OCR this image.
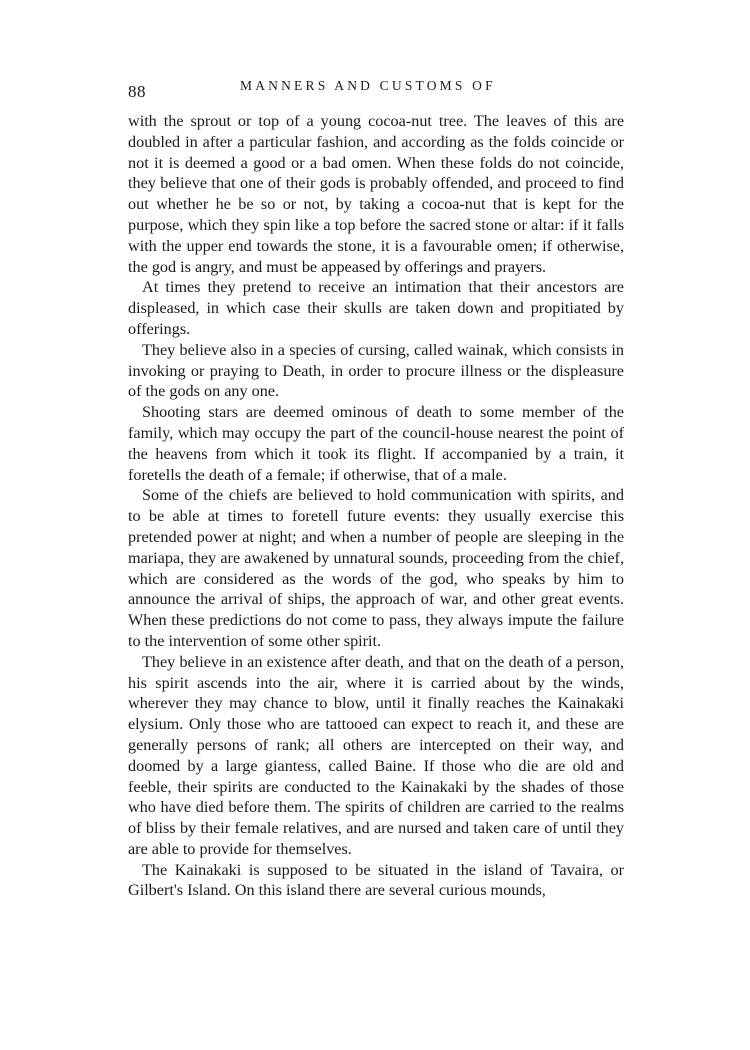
88	MANNERS AND CUSTOMS OF

with the sprout or top of a young cocoa-nut tree. The leaves of this are doubled in after a particular fashion, and according as the folds coincide or not it is deemed a good or a bad omen. When these folds do not coincide, they believe that one of their gods is probably offended, and proceed to find out whether he be so or not, by taking a cocoa-nut that is kept for the purpose, which they spin like a top before the sacred stone or altar: if it falls with the upper end towards the stone, it is a favourable omen; if otherwise, the god is angry, and must be appeased by offerings and prayers.

At times they pretend to receive an intimation that their ancestors are displeased, in which case their skulls are taken down and propitiated by offerings.

They believe also in a species of cursing, called wainak, which consists in invoking or praying to Death, in order to procure illness or the displeasure of the gods on any one.

Shooting stars are deemed ominous of death to some member of the family, which may occupy the part of the council-house nearest the point of the heavens from which it took its flight. If accompanied by a train, it foretells the death of a female; if otherwise, that of a male.

Some of the chiefs are believed to hold communication with spirits, and to be able at times to foretell future events: they usually exercise this pretended power at night; and when a number of people are sleeping in the mariapa, they are awakened by unnatural sounds, proceeding from the chief, which are considered as the words of the god, who speaks by him to announce the arrival of ships, the approach of war, and other great events. When these predictions do not come to pass, they always impute the failure to the intervention of some other spirit.

They believe in an existence after death, and that on the death of a person, his spirit ascends into the air, where it is carried about by the winds, wherever they may chance to blow, until it finally reaches the Kainakaki elysium. Only those who are tattooed can expect to reach it, and these are generally persons of rank; all others are intercepted on their way, and doomed by a large giantess, called Baine. If those who die are old and feeble, their spirits are conducted to the Kainakaki by the shades of those who have died before them. The spirits of children are carried to the realms of bliss by their female relatives, and are nursed and taken care of until they are able to provide for themselves.

The Kainakaki is supposed to be situated in the island of Tavaira, or Gilbert's Island. On this island there are several curious mounds,
